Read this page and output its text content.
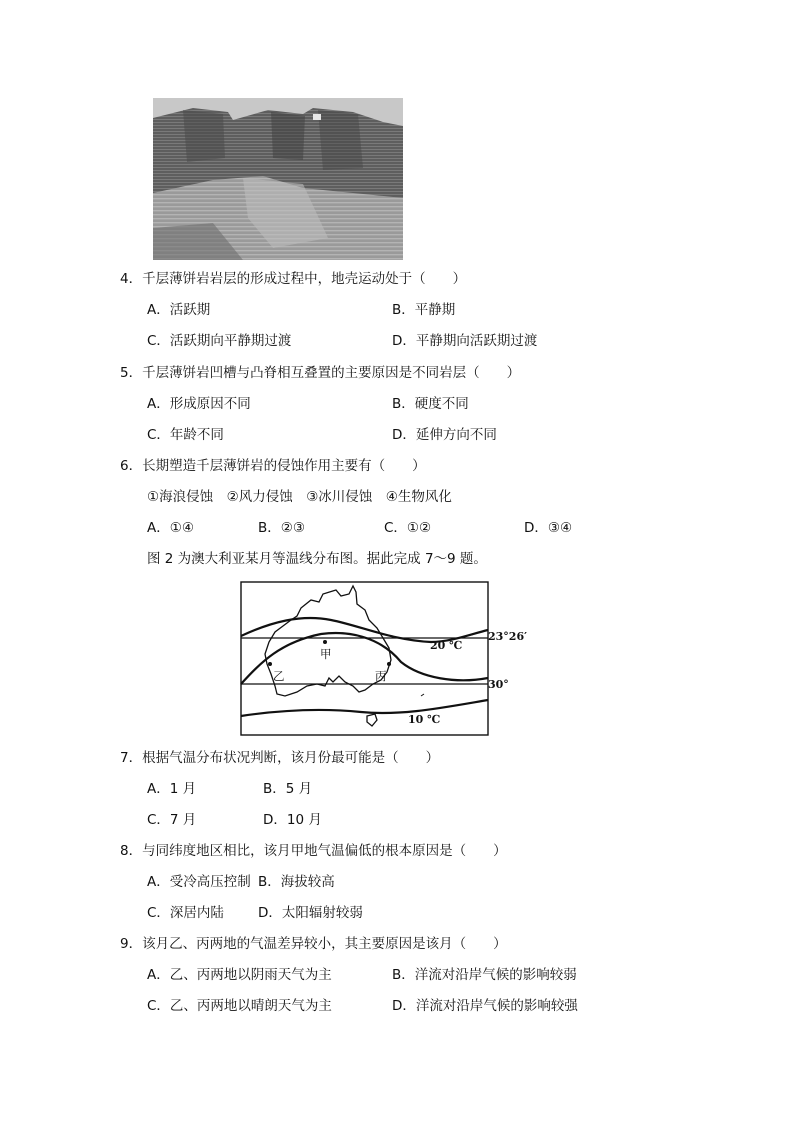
4．千层薄饼岩岩层的形成过程中，地壳运动处于（　　）
A．活跃期	B．平静期
C．活跃期向平静期过渡	D．平静期向活跃期过渡
5．千层薄饼岩凹槽与凸脊相互叠置的主要原因是不同岩层（　　）
A．形成原因不同	B．硬度不同
C．年龄不同	D．延伸方向不同
6．长期塑造千层薄饼岩的侵蚀作用主要有（　　）
①海浪侵蚀　②风力侵蚀　③冰川侵蚀　④生物风化
A．①④	B．②③	C．①②	D．③④
图 2 为澳大利亚某月等温线分布图。据此完成 7～9 题。
甲
乙	丙
20 ℃
10 ℃
23°26′
30°
7．根据气温分布状况判断，该月份最可能是（　　）
A．1 月	B．5 月
C．7 月	D．10 月
8．与同纬度地区相比，该月甲地气温偏低的根本原因是（　　）
A．受冷高压控制 B．海拔较高
C．深居内陆	D．太阳辐射较弱
9．该月乙、丙两地的气温差异较小，其主要原因是该月（　　）
A．乙、丙两地以阴雨天气为主	B．洋流对沿岸气候的影响较弱
C．乙、丙两地以晴朗天气为主	D．洋流对沿岸气候的影响较强
